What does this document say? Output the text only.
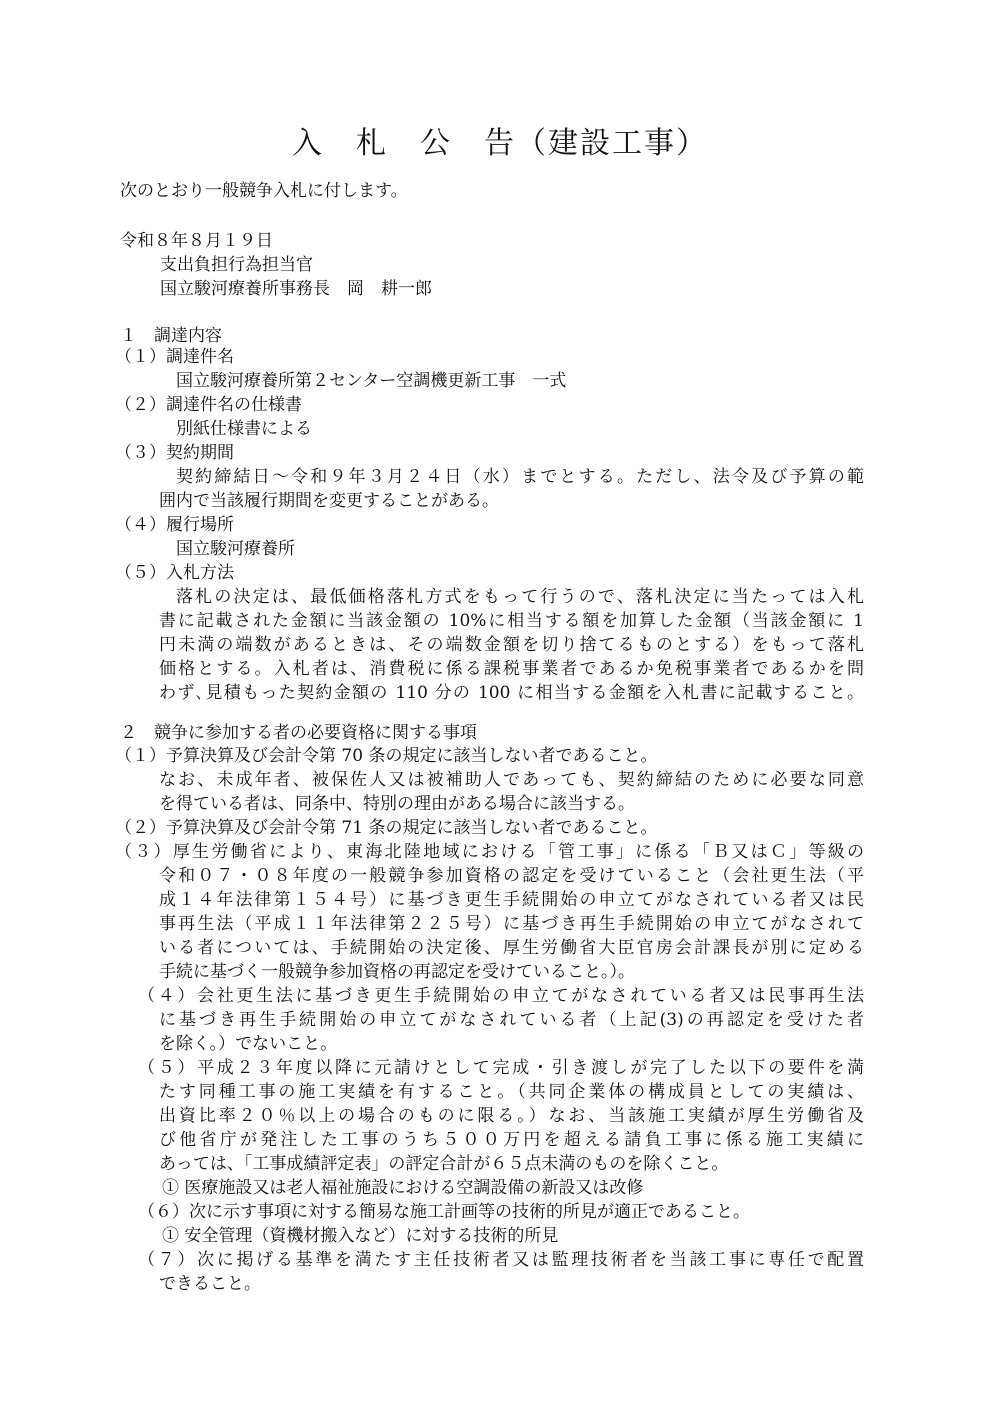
入　札　公　告（建設工事）
次のとおり一般競争入札に付します。
令和８年８月１９日
支出負担行為担当官
国立駿河療養所事務長　岡　耕一郎
１　調達内容
（１）調達件名
国立駿河療養所第２センター空調機更新工事　一式
（２）調達件名の仕様書
別紙仕様書による
（３）契約期間
契約締結日～令和９年３月２４日（水）までとする。ただし、法令及び予算の範
囲内で当該履行期間を変更することがある。
（４）履行場所
国立駿河療養所
（５）入札方法
落札の決定は、最低価格落札方式をもって行うので、落札決定に当たっては入札
書に記載された金額に当該金額の 10%に相当する額を加算した金額（当該金額に 1
円未満の端数があるときは、その端数金額を切り捨てるものとする）をもって落札
価格とする。入札者は、消費税に係る課税事業者であるか免税事業者であるかを問
わず､見積もった契約金額の 110 分の 100 に相当する金額を入札書に記載すること。
２　競争に参加する者の必要資格に関する事項
（１）予算決算及び会計令第 70 条の規定に該当しない者であること。
なお、未成年者、被保佐人又は被補助人であっても、契約締結のために必要な同意
を得ている者は、同条中、特別の理由がある場合に該当する。
（２）予算決算及び会計令第 71 条の規定に該当しない者であること。
（３）厚生労働省により、東海北陸地域における「管工事」に係る「Ｂ又はＣ」等級の
令和０７・０８年度の一般競争参加資格の認定を受けていること（会社更生法（平
成１４年法律第１５４号）に基づき更生手続開始の申立てがなされている者又は民
事再生法（平成１１年法律第２２５号）に基づき再生手続開始の申立てがなされて
いる者については、手続開始の決定後、厚生労働省大臣官房会計課長が別に定める
手続に基づく一般競争参加資格の再認定を受けていること。）。
（４）会社更生法に基づき更生手続開始の申立てがなされている者又は民事再生法
に基づき再生手続開始の申立てがなされている者（上記(3)の再認定を受けた者
を除く。）でないこと。
（５）平成２３年度以降に元請けとして完成・引き渡しが完了した以下の要件を満
たす同種工事の施工実績を有すること。（共同企業体の構成員としての実績は、
出資比率２０％以上の場合のものに限る。）なお、当該施工実績が厚生労働省及
び他省庁が発注した工事のうち５００万円を超える請負工事に係る施工実績に
あっては、「工事成績評定表」の評定合計が６５点未満のものを除くこと。
① 医療施設又は老人福祉施設における空調設備の新設又は改修
（６）次に示す事項に対する簡易な施工計画等の技術的所見が適正であること。
① 安全管理（資機材搬入など）に対する技術的所見
（７）次に掲げる基準を満たす主任技術者又は監理技術者を当該工事に専任で配置
できること。
